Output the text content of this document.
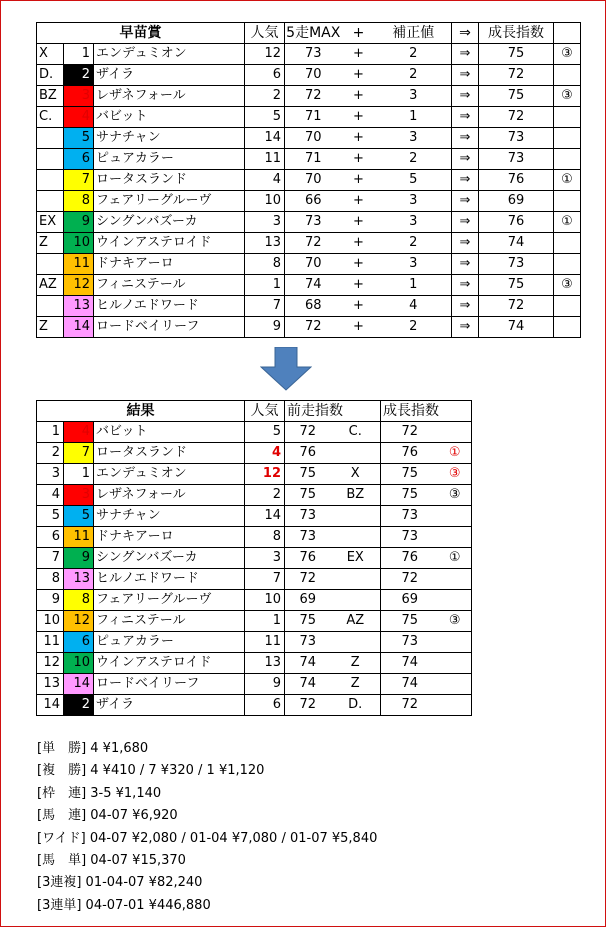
早苗賞			人気	5走MAX	+	補正値	⇒	成長指数	
X	1	エンデュミオン	12	73	+	2	⇒	75	③
D.	2	ザイラ	6	70	+	2	⇒	72	
BZ	3	レザネフォール	2	72	+	3	⇒	75	③
C.	4	バビット	5	71	+	1	⇒	72	
	5	サナチャン	14	70	+	3	⇒	73	
	6	ピュアカラー	11	71	+	2	⇒	73	
	7	ロータスランド	4	70	+	5	⇒	76	①
	8	フェアリーグルーヴ	10	66	+	3	⇒	69	
EX	9	シングンバズーカ	3	73	+	3	⇒	76	①
Z	10	ウインアステロイド	13	72	+	2	⇒	74	
	11	ドナキアーロ	8	70	+	3	⇒	73	
AZ	12	フィニステール	1	74	+	1	⇒	75	③
	13	ヒルノエドワード	7	68	+	4	⇒	72	
Z	14	ロードベイリーフ	9	72	+	2	⇒	74	
結果			人気	前走指数		成長指数	
1	4	バビット	5	72	C.	72	
2	7	ロータスランド	4	76		76	①
3	1	エンデュミオン	12	75	X	75	③
4	3	レザネフォール	2	75	BZ	75	③
5	5	サナチャン	14	73		73	
6	11	ドナキアーロ	8	73		73	
7	9	シングンバズーカ	3	76	EX	76	①
8	13	ヒルノエドワード	7	72		72	
9	8	フェアリーグルーヴ	10	69		69	
10	12	フィニステール	1	75	AZ	75	③
11	6	ピュアカラー	11	73		73	
12	10	ウインアステロイド	13	74	Z	74	
13	14	ロードベイリーフ	9	74	Z	74	
14	2	ザイラ	6	72	D.	72	
[単　勝] 4 ¥1,680
[複　勝] 4 ¥410 / 7 ¥320 / 1 ¥1,120
[枠　連] 3-5 ¥1,140
[馬　連] 04-07 ¥6,920
[ワイド] 04-07 ¥2,080 / 01-04 ¥7,080 / 01-07 ¥5,840
[馬　単] 04-07 ¥15,370
[3連複] 01-04-07 ¥82,240
[3連単] 04-07-01 ¥446,880
